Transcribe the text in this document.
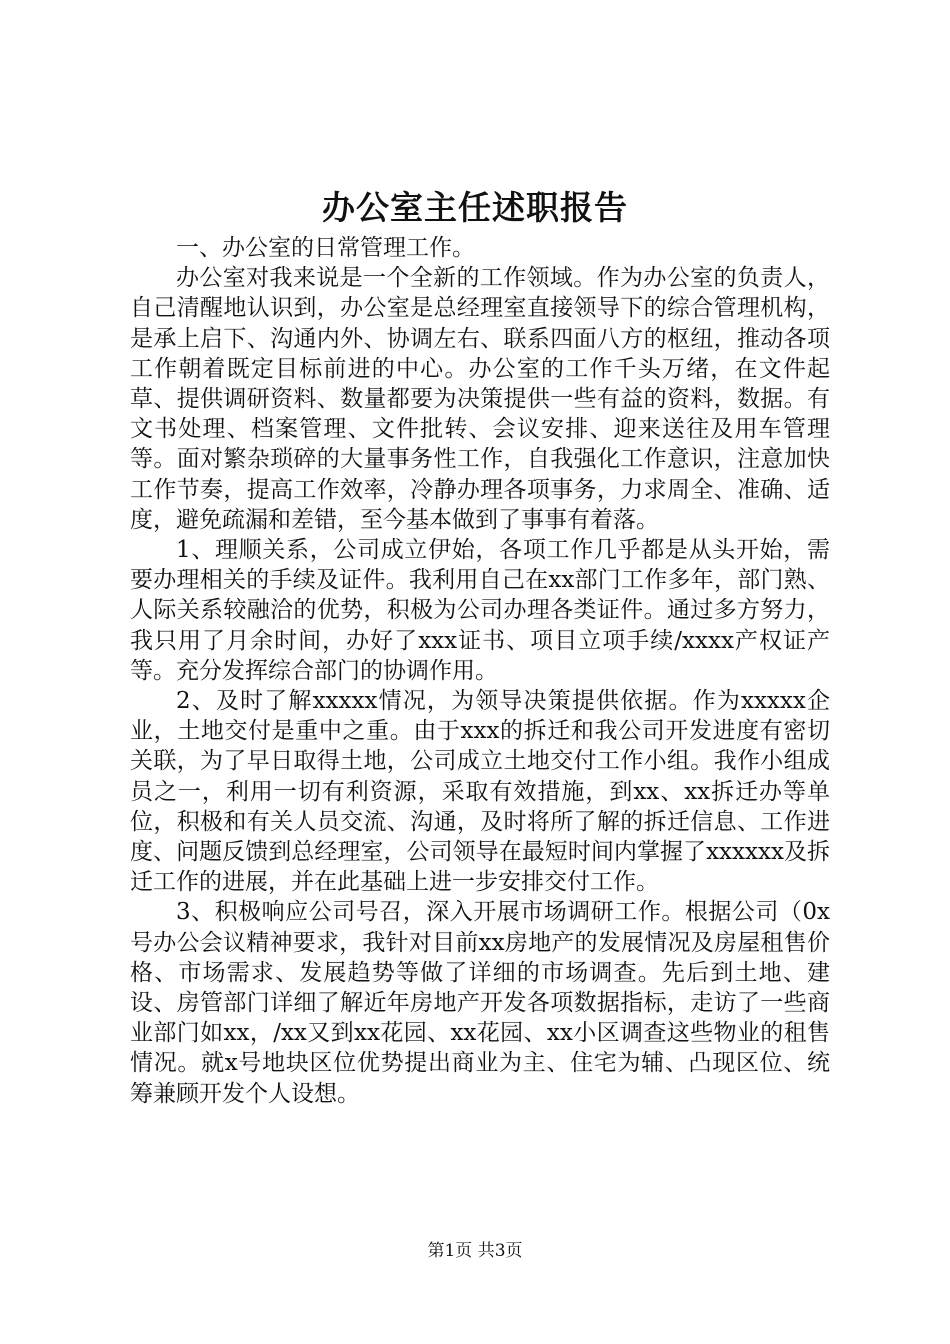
办公室主任述职报告

一、办公室的日常管理工作。

办公室对我来说是一个全新的工作领域。作为办公室的负责人，自己清醒地认识到，办公室是总经理室直接领导下的综合管理机构，是承上启下、沟通内外、协调左右、联系四面八方的枢纽，推动各项工作朝着既定目标前进的中心。办公室的工作千头万绪，在文件起草、提供调研资料、数量都要为决策提供一些有益的资料，数据。有文书处理、档案管理、文件批转、会议安排、迎来送往及用车管理等。面对繁杂琐碎的大量事务性工作，自我强化工作意识，注意加快工作节奏，提高工作效率，冷静办理各项事务，力求周全、准确、适度，避免疏漏和差错，至今基本做到了事事有着落。

1、理顺关系，公司成立伊始，各项工作几乎都是从头开始，需要办理相关的手续及证件。我利用自己在xx部门工作多年，部门熟、人际关系较融洽的优势，积极为公司办理各类证件。通过多方努力，我只用了月余时间，办好了xxx证书、项目立项手续/xxxx产权证产等。充分发挥综合部门的协调作用。

2、及时了解xxxxx情况，为领导决策提供依据。作为xxxxx企业，土地交付是重中之重。由于xxx的拆迁和我公司开发进度有密切关联，为了早日取得土地，公司成立土地交付工作小组。我作小组成员之一，利用一切有利资源，采取有效措施，到xx、xx拆迁办等单位，积极和有关人员交流、沟通，及时将所了解的拆迁信息、工作进度、问题反馈到总经理室，公司领导在最短时间内掌握了xxxxxx及拆迁工作的进展，并在此基础上进一步安排交付工作。

3、积极响应公司号召，深入开展市场调研工作。根据公司（0x号办公会议精神要求，我针对目前xx房地产的发展情况及房屋租售价格、市场需求、发展趋势等做了详细的市场调查。先后到土地、建设、房管部门详细了解近年房地产开发各项数据指标，走访了一些商业部门如xx，/xx又到xx花园、xx花园、xx小区调查这些物业的租售情况。就x号地块区位优势提出商业为主、住宅为辅、凸现区位、统筹兼顾开发个人设想。

第1页 共3页
